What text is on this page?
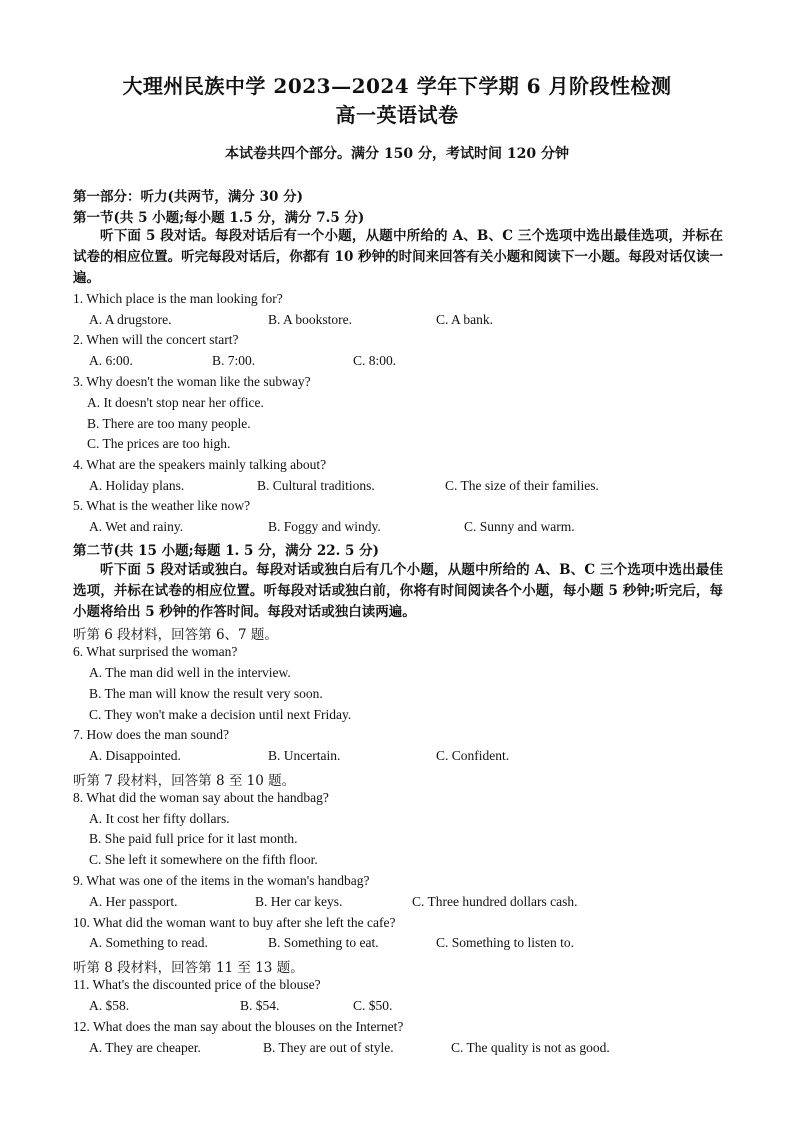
大理州民族中学 2023—2024 学年下学期 6 月阶段性检测
高一英语试卷
本试卷共四个部分。满分 150 分，考试时间 120 分钟
第一部分：听力(共两节，满分 30 分)
第一节(共 5 小题;每小题 1.5 分，满分 7.5 分)
听下面 5 段对话。每段对话后有一个小题，从题中所给的 A、B、C 三个选项中选出最佳选项，并标在试卷的相应位置。听完每段对话后，你都有 10 秒钟的时间来回答有关小题和阅读下一小题。每段对话仅读一遍。
1. Which place is the man looking for?
A. A drugstore.	B. A bookstore.	C. A bank.
2. When will the concert start?
A. 6:00.	B. 7:00.	C. 8:00.
3. Why doesn't the woman like the subway?
A. It doesn't stop near her office.
B. There are too many people.
C. The prices are too high.
4. What are the speakers mainly talking about?
A. Holiday plans.	B. Cultural traditions.	C. The size of their families.
5. What is the weather like now?
A. Wet and rainy.	B. Foggy and windy.	C. Sunny and warm.
第二节(共 15 小题;每题 1. 5 分，满分 22. 5 分)
听下面 5 段对话或独白。每段对话或独白后有几个小题，从题中所给的 A、B、C 三个选项中选出最佳选项，并标在试卷的相应位置。听每段对话或独白前，你将有时间阅读各个小题，每小题 5 秒钟;听完后，每小题将给出 5 秒钟的作答时间。每段对话或独白读两遍。
听第 6 段材料，回答第 6、7 题。
6. What surprised the woman?
A. The man did well in the interview.
B. The man will know the result very soon.
C. They won't make a decision until next Friday.
7. How does the man sound?
A. Disappointed.	B. Uncertain.	C. Confident.
听第 7 段材料，回答第 8 至 10 题。
8. What did the woman say about the handbag?
A. It cost her fifty dollars.
B. She paid full price for it last month.
C. She left it somewhere on the fifth floor.
9. What was one of the items in the woman's handbag?
A. Her passport.	B. Her car keys.	C. Three hundred dollars cash.
10. What did the woman want to buy after she left the cafe?
A. Something to read.	B. Something to eat.	C. Something to listen to.
听第 8 段材料，回答第 11 至 13 题。
11. What's the discounted price of the blouse?
A. $58.	B. $54.	C. $50.
12. What does the man say about the blouses on the Internet?
A. They are cheaper.	B. They are out of style.	C. The quality is not as good.
